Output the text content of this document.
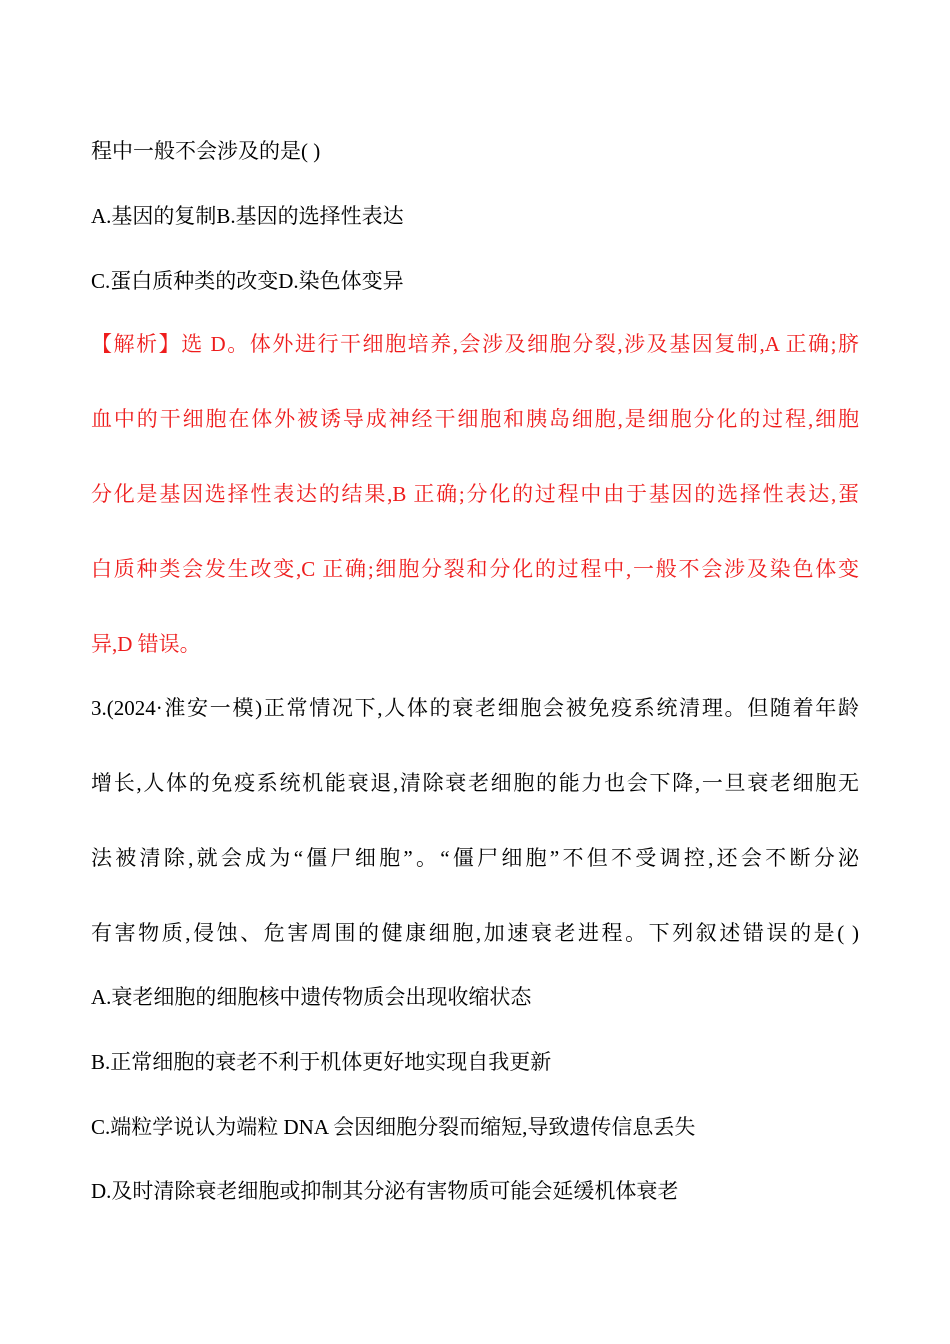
程中一般不会涉及的是( )
A.基因的复制B.基因的选择性表达
C.蛋白质种类的改变D.染色体变异
【解析】选 D。体外进行干细胞培养,会涉及细胞分裂,涉及基因复制,A 正确;脐
血中的干细胞在体外被诱导成神经干细胞和胰岛细胞,是细胞分化的过程,细胞
分化是基因选择性表达的结果,B 正确;分化的过程中由于基因的选择性表达,蛋
白质种类会发生改变,C 正确;细胞分裂和分化的过程中,一般不会涉及染色体变
异,D 错误。
3.(2024·淮安一模)正常情况下,人体的衰老细胞会被免疫系统清理。但随着年龄
增长,人体的免疫系统机能衰退,清除衰老细胞的能力也会下降,一旦衰老细胞无
法被清除,就会成为“僵尸细胞”。“僵尸细胞”不但不受调控,还会不断分泌
有害物质,侵蚀、危害周围的健康细胞,加速衰老进程。下列叙述错误的是( )
A.衰老细胞的细胞核中遗传物质会出现收缩状态
B.正常细胞的衰老不利于机体更好地实现自我更新
C.端粒学说认为端粒 DNA 会因细胞分裂而缩短,导致遗传信息丢失
D.及时清除衰老细胞或抑制其分泌有害物质可能会延缓机体衰老
